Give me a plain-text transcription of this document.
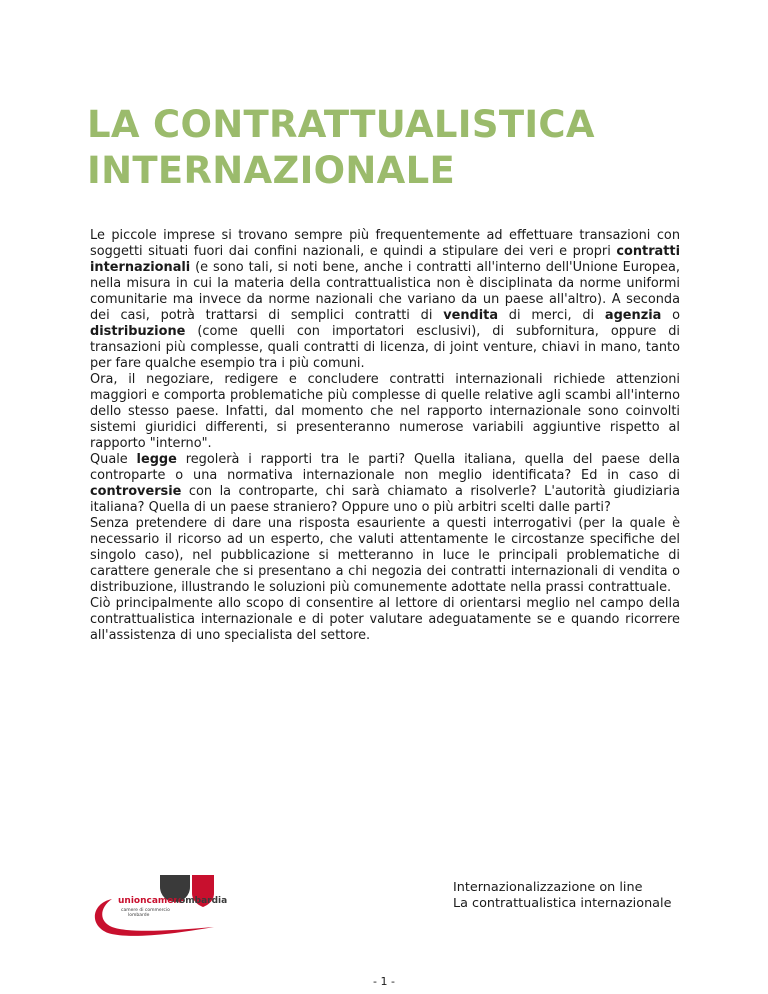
LA CONTRATTUALISTICA
INTERNAZIONALE
Le piccole imprese si trovano sempre più frequentemente ad effettuare transazioni con soggetti situati fuori dai confini nazionali, e quindi a stipulare dei veri e propri contratti internazionali (e sono tali, si noti bene, anche i contratti all'interno dell'Unione Europea, nella misura in cui la materia della contrattualistica non è disciplinata da norme uniformi comunitarie ma invece da norme nazionali che variano da un paese all'altro). A seconda dei casi, potrà trattarsi di semplici contratti di vendita di merci, di agenzia o distribuzione (come quelli con importatori esclusivi), di subfornitura, oppure di transazioni più complesse, quali contratti di licenza, di joint venture, chiavi in mano, tanto per fare qualche esempio tra i più comuni.
Ora, il negoziare, redigere e concludere contratti internazionali richiede attenzioni maggiori e comporta problematiche più complesse di quelle relative agli scambi all'interno dello stesso paese. Infatti, dal momento che nel rapporto internazionale sono coinvolti sistemi giuridici differenti, si presenteranno numerose variabili aggiuntive rispetto al rapporto "interno".
Quale legge regolerà i rapporti tra le parti? Quella italiana, quella del paese della controparte o una normativa internazionale non meglio identificata? Ed in caso di controversie con la controparte, chi sarà chiamato a risolverle? L'autorità giudiziaria italiana? Quella di un paese straniero? Oppure uno o più arbitri scelti dalle parti?
Senza pretendere di dare una risposta esauriente a questi interrogativi (per la quale è necessario il ricorso ad un esperto, che valuti attentamente le circostanze specifiche del singolo caso), nel pubblicazione si metteranno in luce le principali problematiche di carattere generale che si presentano a chi negozia dei contratti internazionali di vendita o distribuzione, illustrando le soluzioni più comunemente adottate nella prassi contrattuale.
Ciò principalmente allo scopo di consentire al lettore di orientarsi meglio nel campo della contrattualistica internazionale e di poter valutare adeguatamente se e quando ricorrere all'assistenza di uno specialista del settore.
unioncamere
lombardia
camere di commercio
lombarde
Internazionalizzazione on line
La contrattualistica internazionale
- 1 -
